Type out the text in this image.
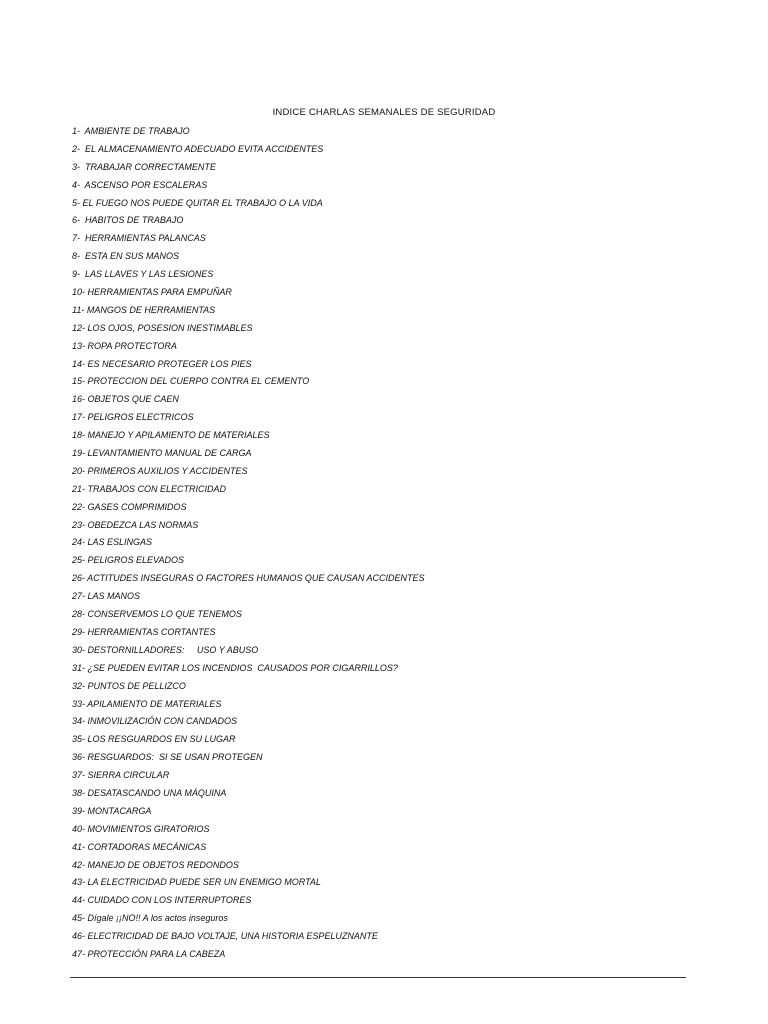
INDICE CHARLAS SEMANALES DE SEGURIDAD
1-  AMBIENTE DE TRABAJO
2-  EL ALMACENAMIENTO ADECUADO EVITA ACCIDENTES
3-  TRABAJAR CORRECTAMENTE
4-  ASCENSO POR ESCALERAS
5- EL FUEGO NOS PUEDE QUITAR EL TRABAJO O LA VIDA
6-  HABITOS DE TRABAJO
7-  HERRAMIENTAS PALANCAS
8-  ESTA EN SUS MANOS
9-  LAS LLAVES Y LAS LESIONES
10- HERRAMIENTAS PARA EMPUÑAR
11- MANGOS DE HERRAMIENTAS
12- LOS OJOS, POSESION INESTIMABLES
13- ROPA PROTECTORA
14- ES NECESARIO PROTEGER LOS PIES
15- PROTECCION DEL CUERPO CONTRA EL CEMENTO
16- OBJETOS QUE CAEN
17- PELIGROS ELECTRICOS
18- MANEJO Y APILAMIENTO DE MATERIALES
19- LEVANTAMIENTO MANUAL DE CARGA
20- PRIMEROS AUXILIOS Y ACCIDENTES
21- TRABAJOS CON ELECTRICIDAD
22- GASES COMPRIMIDOS
23- OBEDEZCA LAS NORMAS
24- LAS ESLINGAS
25- PELIGROS ELEVADOS
26- ACTITUDES INSEGURAS O FACTORES HUMANOS QUE CAUSAN ACCIDENTES
27- LAS MANOS
28- CONSERVEMOS LO QUE TENEMOS
29- HERRAMIENTAS CORTANTES
30- DESTORNILLADORES:     USO Y ABUSO
31- ¿SE PUEDEN EVITAR LOS INCENDIOS  CAUSADOS POR CIGARRILLOS?
32- PUNTOS DE PELLIZCO
33- APILAMIENTO DE MATERIALES
34- INMOVILIZACIÓN CON CANDADOS
35- LOS RESGUARDOS EN SU LUGAR
36- RESGUARDOS:  SI SE USAN PROTEGEN
37- SIERRA CIRCULAR
38- DESATASCANDO UNA MÁQUINA
39- MONTACARGA
40- MOVIMIENTOS GIRATORIOS
41- CORTADORAS MECÁNICAS
42- MANEJO DE OBJETOS REDONDOS
43- LA ELECTRICIDAD PUEDE SER UN ENEMIGO MORTAL
44- CUIDADO CON LOS INTERRUPTORES
45- Dígale ¡¡NO!! A los actos inseguros
46- ELECTRICIDAD DE BAJO VOLTAJE, UNA HISTORIA ESPELUZNANTE
47- PROTECCIÓN PARA LA CABEZA
